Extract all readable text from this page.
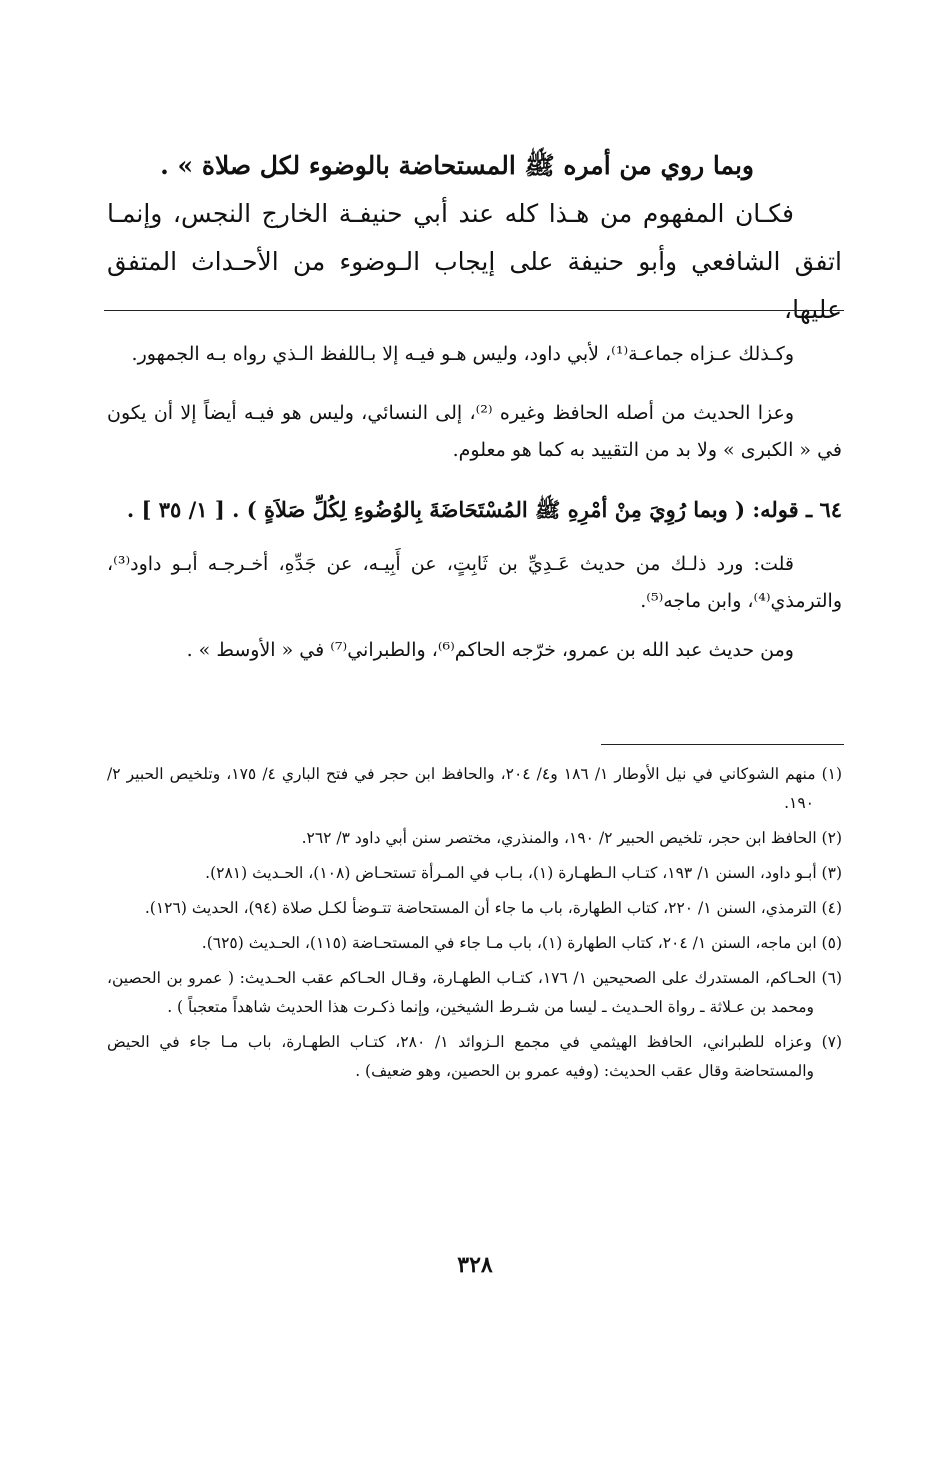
وبما روي من أمره ﷺ المستحاضة بالوضوء لكل صلاة » .

فكـان المفهوم من هـذا كله عند أبي حنيفـة الخارج النجس، وإنمـا اتفق الشافعي وأبو حنيفة على إيجاب الـوضوء من الأحـداث المتفق عليها،

وكـذلك عـزاه جماعـة⁽¹⁾، لأبي داود، وليس هـو فيـه إلا بـاللفظ الـذي رواه بـه الجمهور.

وعزا الحديث من أصله الحافظ وغيره ⁽²⁾، إلى النسائي، وليس هو فيـه أيضاً إلا أن يكون في « الكبرى » ولا بد من التقييد به كما هو معلوم.

٦٤ ـ قوله: ( وبما رُوِيَ مِنْ أمْرِهِ ﷺ المُسْتَحَاضَةَ بِالوُضُوءِ لِكُلِّ صَلاَةٍ ) . [ ١/ ٣٥ ] .

قلت: ورد ذلـك من حديث عَـدِيِّ بن ثَابِتٍ، عن أَبِيـه، عن جَدِّهِ، أخـرجـه أبـو داود⁽³⁾، والترمذي⁽⁴⁾، وابن ماجه⁽⁵⁾.

ومن حديث عبد الله بن عمرو، خرّجه الحاكم⁽⁶⁾، والطبراني⁽⁷⁾ في « الأوسط » .

(١) منهم الشوكاني في نيل الأوطار ١/ ١٨٦ و٤/ ٢٠٤، والحافظ ابن حجر في فتح الباري ٤/ ١٧٥، وتلخيص الحبير ٢/ ١٩٠.

(٢) الحافظ ابن حجر، تلخيص الحبير ٢/ ١٩٠، والمنذري، مختصر سنن أبي داود ٣/ ٢٦٢.

(٣) أبـو داود، السنن ١/ ١٩٣، كتـاب الـطهـارة (١)، بـاب في المـرأة تستحـاض (١٠٨)، الحـديث (٢٨١).

(٤) الترمذي، السنن ١/ ٢٢٠، كتاب الطهارة، باب ما جاء أن المستحاضة تتـوضأ لكـل صلاة (٩٤)، الحديث (١٢٦).

(٥) ابن ماجه، السنن ١/ ٢٠٤، كتاب الطهارة (١)، باب مـا جاء في المستحـاضة (١١٥)، الحـديث (٦٢٥).

(٦) الحـاكم، المستدرك على الصحيحين ١/ ١٧٦، كتـاب الطهـارة، وقـال الحـاكم عقب الحـديث: ( عمرو بن الحصين، ومحمد بن عـلاثة ـ رواة الحـديث ـ ليسا من شـرط الشيخين، وإنما ذكـرت هذا الحديث شاهداً متعجباً ) .

(٧) وعزاه للطبراني، الحافظ الهيثمي في مجمع الـزوائد ١/ ٢٨٠، كتـاب الطهـارة، باب مـا جاء في الحيض والمستحاضة وقال عقب الحديث: (وفيه عمرو بن الحصين، وهو ضعيف) .

٣٢٨
